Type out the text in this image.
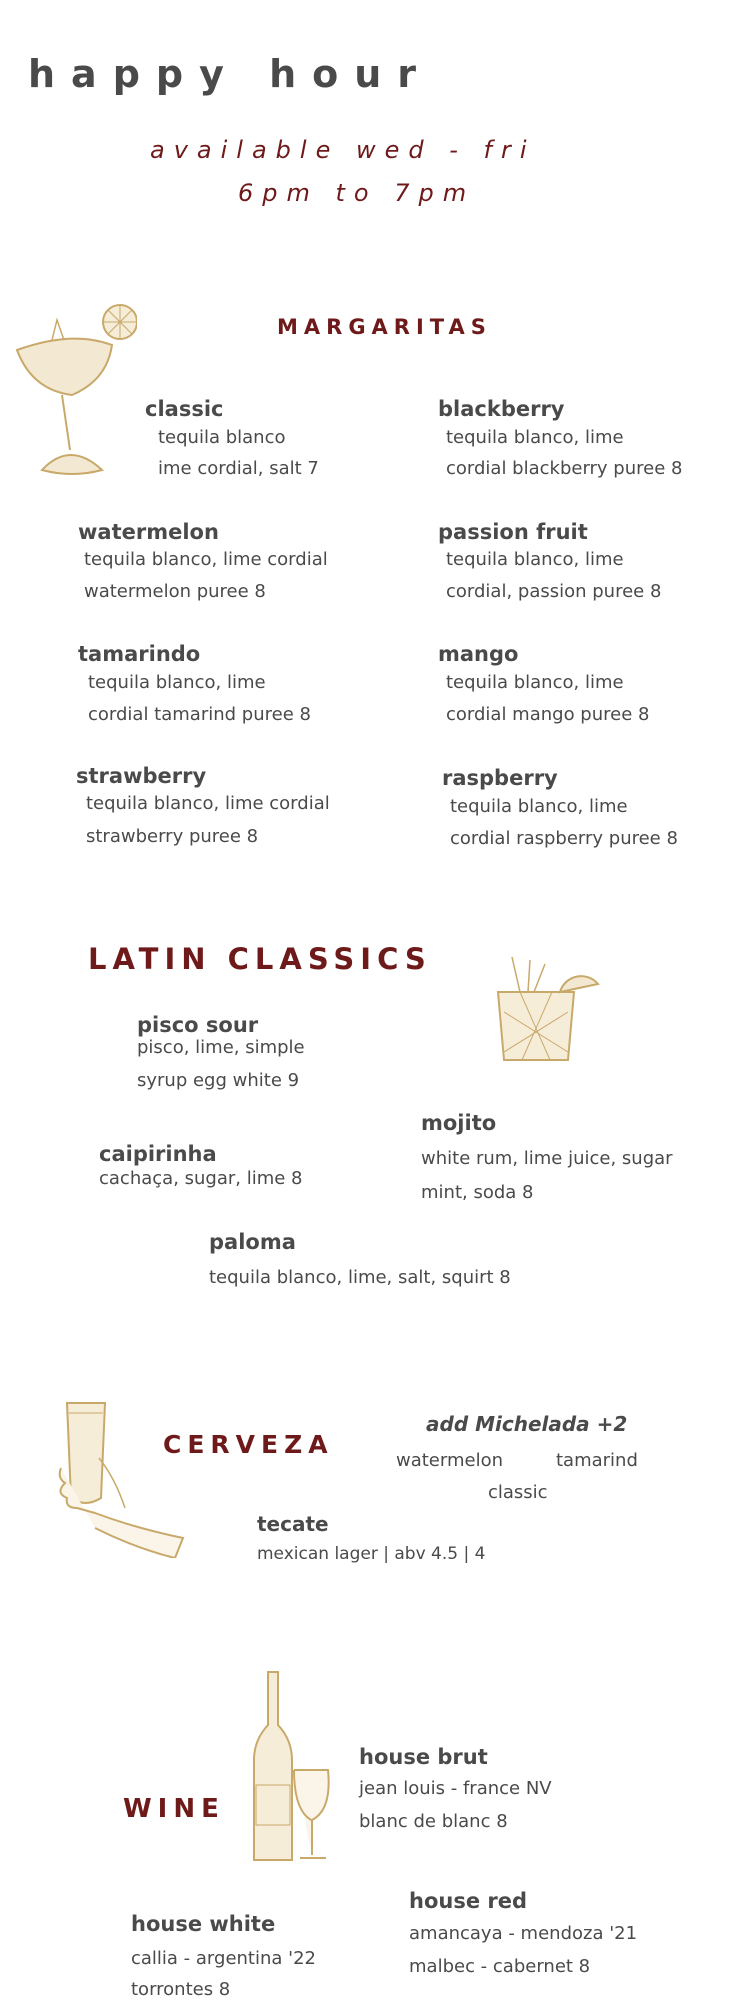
happy hour
available wed - fri
6pm to 7pm
MARGARITAS
classic
tequila blanco
ime cordial, salt 7
blackberry
tequila blanco, lime
cordial blackberry puree 8
watermelon
tequila blanco, lime cordial
watermelon puree 8
passion fruit
tequila blanco, lime
cordial, passion puree 8
tamarindo
tequila blanco, lime
cordial tamarind puree 8
mango
tequila blanco, lime
cordial mango puree 8
strawberry
tequila blanco, lime cordial
strawberry puree 8
raspberry
tequila blanco, lime
cordial raspberry puree 8
LATIN CLASSICS
pisco sour
pisco, lime, simple
syrup egg white 9
mojito
white rum, lime juice, sugar
mint, soda 8
caipirinha
cachaça, sugar, lime 8
paloma
tequila blanco, lime, salt, squirt 8
CERVEZA
add Michelada +2
watermelon	tamarind
classic
tecate
mexican lager | abv 4.5 | 4
WINE
house brut
jean louis - france NV
blanc de blanc 8
house red
amancaya - mendoza '21
malbec - cabernet 8
house white
callia - argentina '22
torrontes 8
